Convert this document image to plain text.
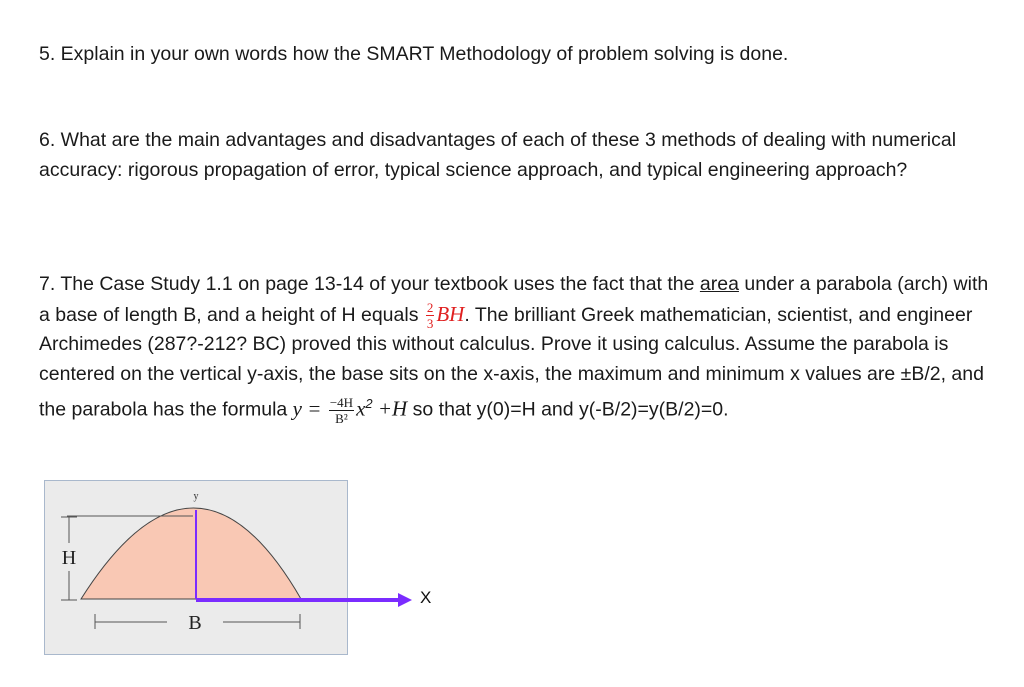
5. Explain in your own words how the SMART Methodology of problem solving is done.

6. What are the main advantages and disadvantages of each of these 3 methods of dealing with numerical accuracy: rigorous propagation of error, typical science approach, and typical engineering approach?

7. The Case Study 1.1 on page 13-14 of your textbook uses the fact that the area under a parabola (arch) with a base of length B, and a height of H equals $\frac{2}{3}$ BH. The brilliant Greek mathematician, scientist, and engineer Archimedes (287?-212? BC) proved this without calculus. Prove it using calculus. Assume the parabola is centered on the vertical y-axis, the base sits on the x-axis, the maximum and minimum x values are ±B/2, and the parabola has the formula $y = \frac{-4H}{\text{B²}} x^2 +H$ so that y(0)=H and y(-B/2)=y(B/2)=0.

y
H
B
X
